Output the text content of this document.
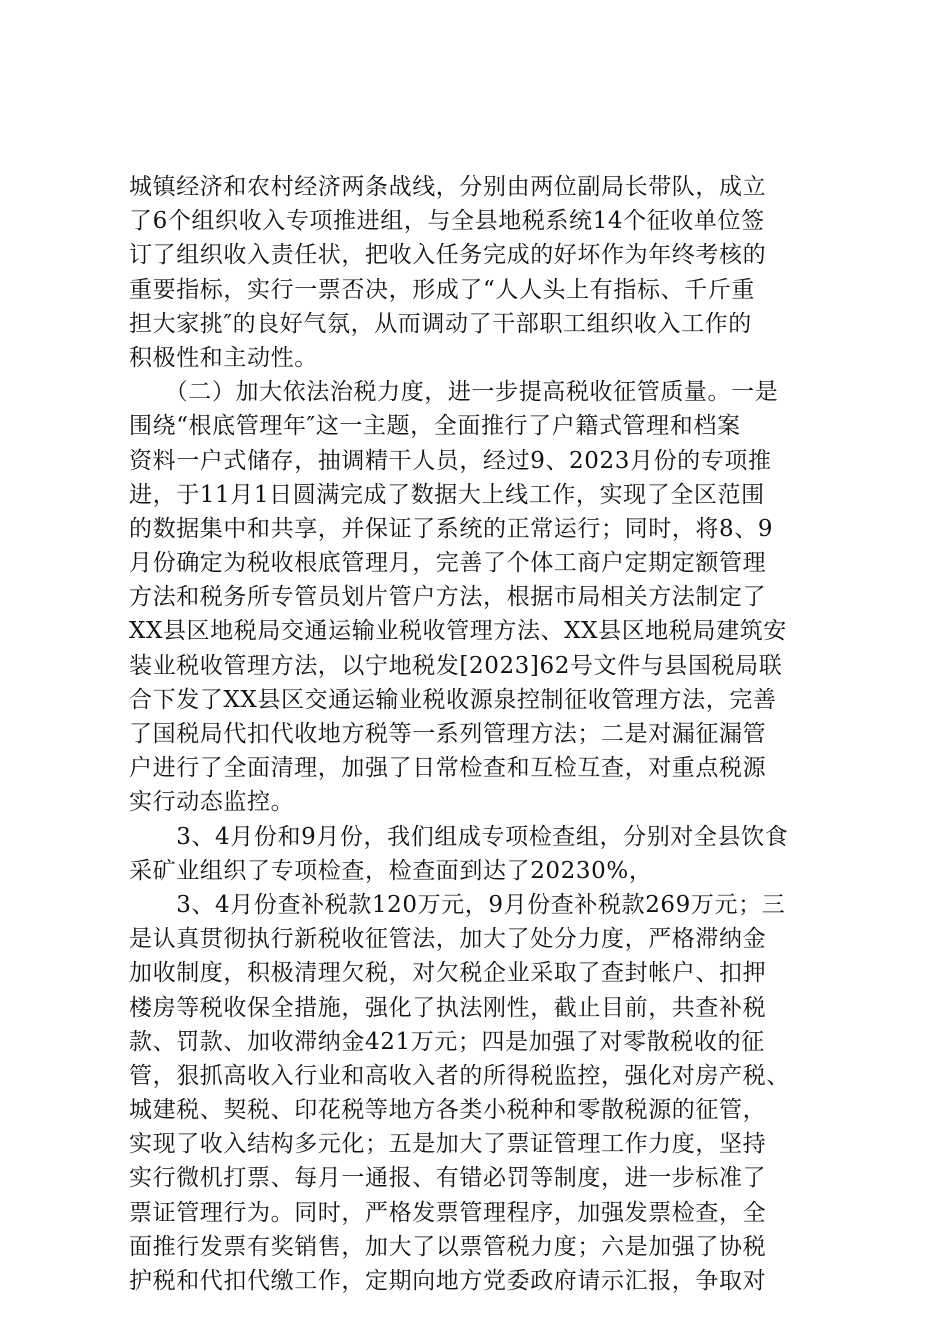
城镇经济和农村经济两条战线，分别由两位副局长带队，成立
了6个组织收入专项推进组，与全县地税系统14个征收单位签
订了组织收入责任状，把收入任务完成的好坏作为年终考核的
重要指标，实行一票否决，形成了“人人头上有指标、千斤重
担大家挑″的良好气氛，从而调动了干部职工组织收入工作的
积极性和主动性。
　　（二）加大依法治税力度，进一步提高税收征管质量。一是
围绕“根底管理年″这一主题，全面推行了户籍式管理和档案
资料一户式储存，抽调精干人员，经过9、2023月份的专项推
进，于11月1日圆满完成了数据大上线工作，实现了全区范围
的数据集中和共享，并保证了系统的正常运行；同时，将8、9
月份确定为税收根底管理月，完善了个体工商户定期定额管理
方法和税务所专管员划片管户方法，根据市局相关方法制定了
XX县区地税局交通运输业税收管理方法、XX县区地税局建筑安
装业税收管理方法，以宁地税发[2023]62号文件与县国税局联
合下发了XX县区交通运输业税收源泉控制征收管理方法，完善
了国税局代扣代收地方税等一系列管理方法；二是对漏征漏管
户进行了全面清理，加强了日常检查和互检互查，对重点税源
实行动态监控。
　　3、4月份和9月份，我们组成专项检查组，分别对全县饮食
采矿业组织了专项检查，检查面到达了20230%，
　　3、4月份查补税款120万元，9月份查补税款269万元；三
是认真贯彻执行新税收征管法，加大了处分力度，严格滞纳金
加收制度，积极清理欠税，对欠税企业采取了查封帐户、扣押
楼房等税收保全措施，强化了执法刚性，截止目前，共查补税
款、罚款、加收滞纳金421万元；四是加强了对零散税收的征
管，狠抓高收入行业和高收入者的所得税监控，强化对房产税、
城建税、契税、印花税等地方各类小税种和零散税源的征管，
实现了收入结构多元化；五是加大了票证管理工作力度，坚持
实行微机打票、每月一通报、有错必罚等制度，进一步标准了
票证管理行为。同时，严格发票管理程序，加强发票检查，全
面推行发票有奖销售，加大了以票管税力度；六是加强了协税
护税和代扣代缴工作，定期向地方党委政府请示汇报，争取对
